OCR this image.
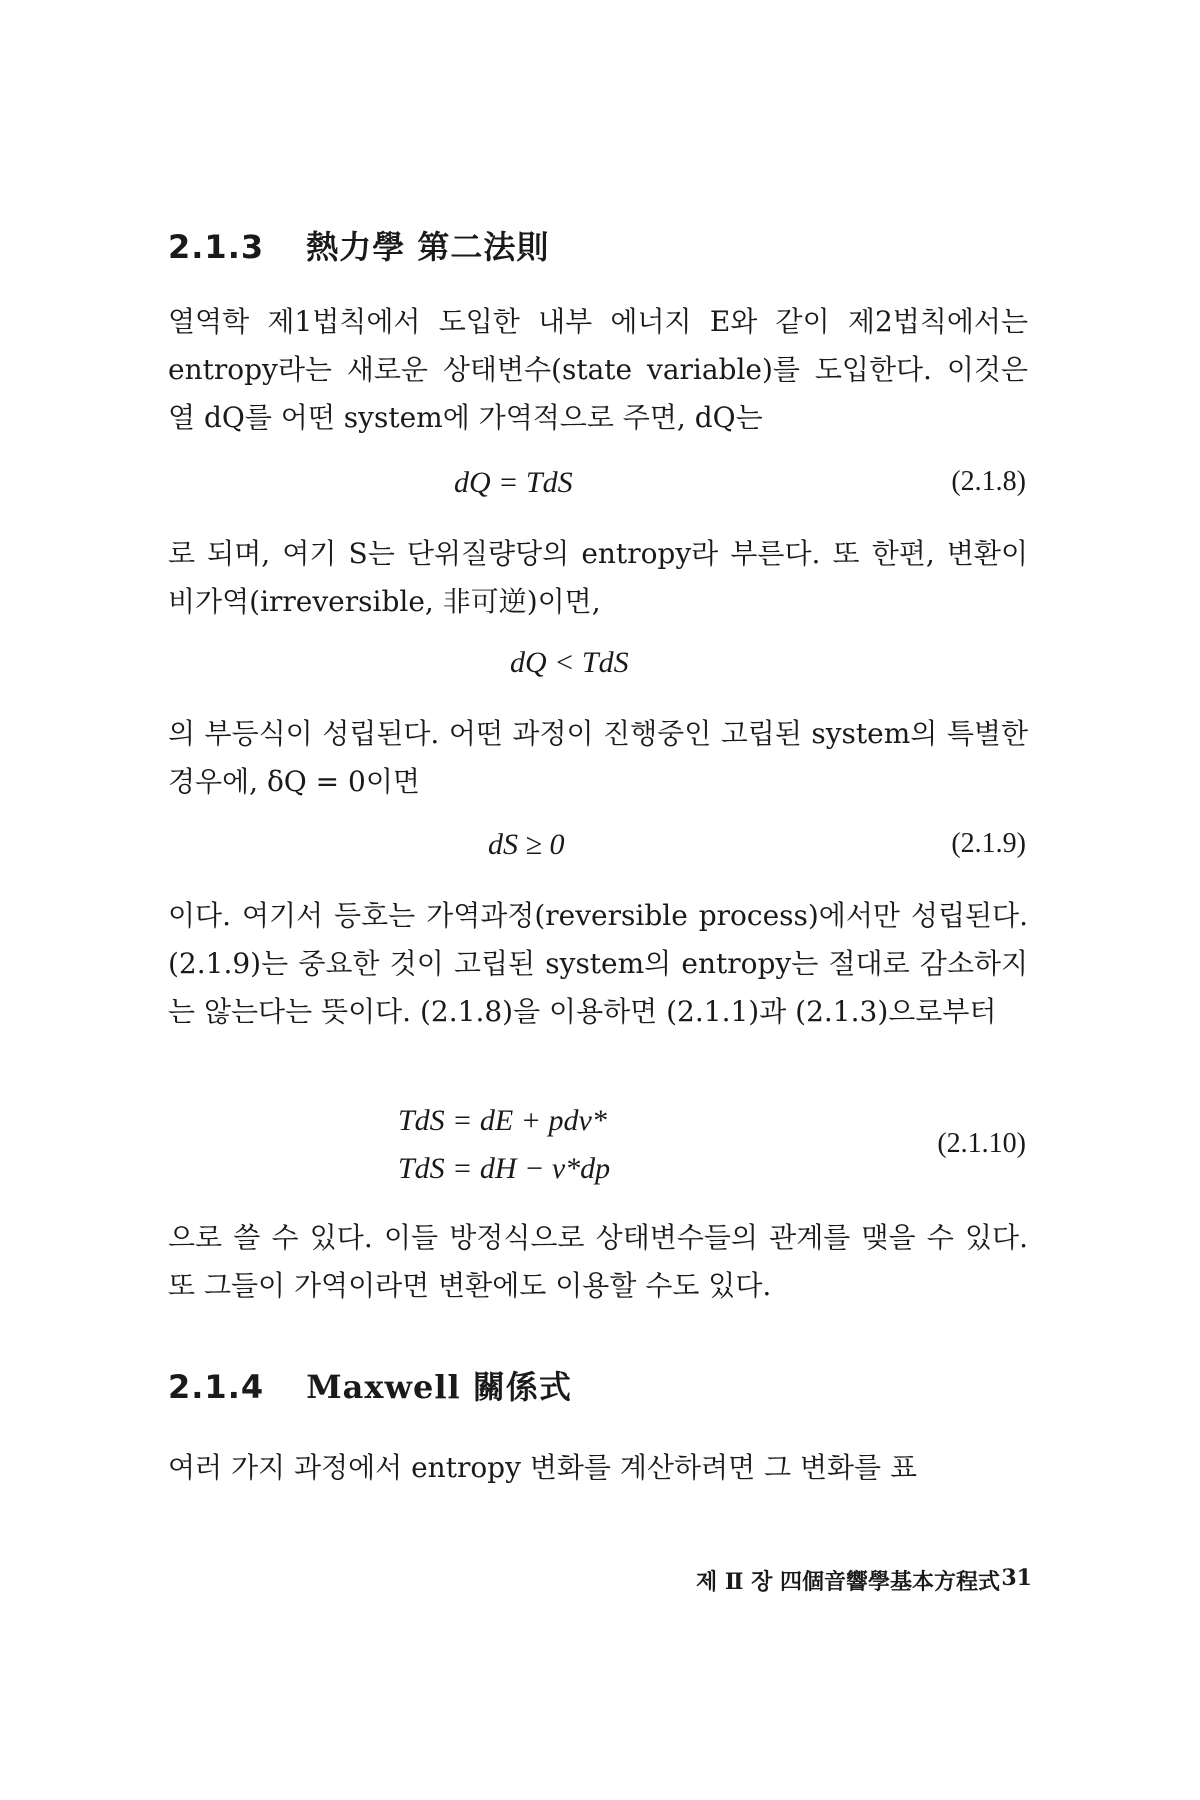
2.1.3 熱力學 第二法則

열역학 제1법칙에서 도입한 내부 에너지 E와 같이 제2법칙에서는 entropy라는 새로운 상태변수(state variable)를 도입한다. 이것은 열 dQ를 어떤 system에 가역적으로 주면, dQ는

dQ = TdS	(2.1.8)

로 되며, 여기 S는 단위질량당의 entropy라 부른다. 또 한편, 변환이 비가역(irreversible, 非可逆)이면,

dQ < TdS

의 부등식이 성립된다. 어떤 과정이 진행중인 고립된 system의 특별한 경우에, δQ = 0이면

dS ≥ 0	(2.1.9)

이다. 여기서 등호는 가역과정(reversible process)에서만 성립된다. (2.1.9)는 중요한 것이 고립된 system의 entropy는 절대로 감소하지는 않는다는 뜻이다. (2.1.8)을 이용하면 (2.1.1)과 (2.1.3)으로부터

TdS = dE + pdv*
TdS = dH − v*dp
(2.1.10)

으로 쓸 수 있다. 이들 방정식으로 상태변수들의 관계를 맺을 수 있다. 또 그들이 가역이라면 변환에도 이용할 수도 있다.

2.1.4 Maxwell 關係式

여러 가지 과정에서 entropy 변화를 계산하려면 그 변화를 표

제 Ⅱ 장 四個音響學基本方程式 31
